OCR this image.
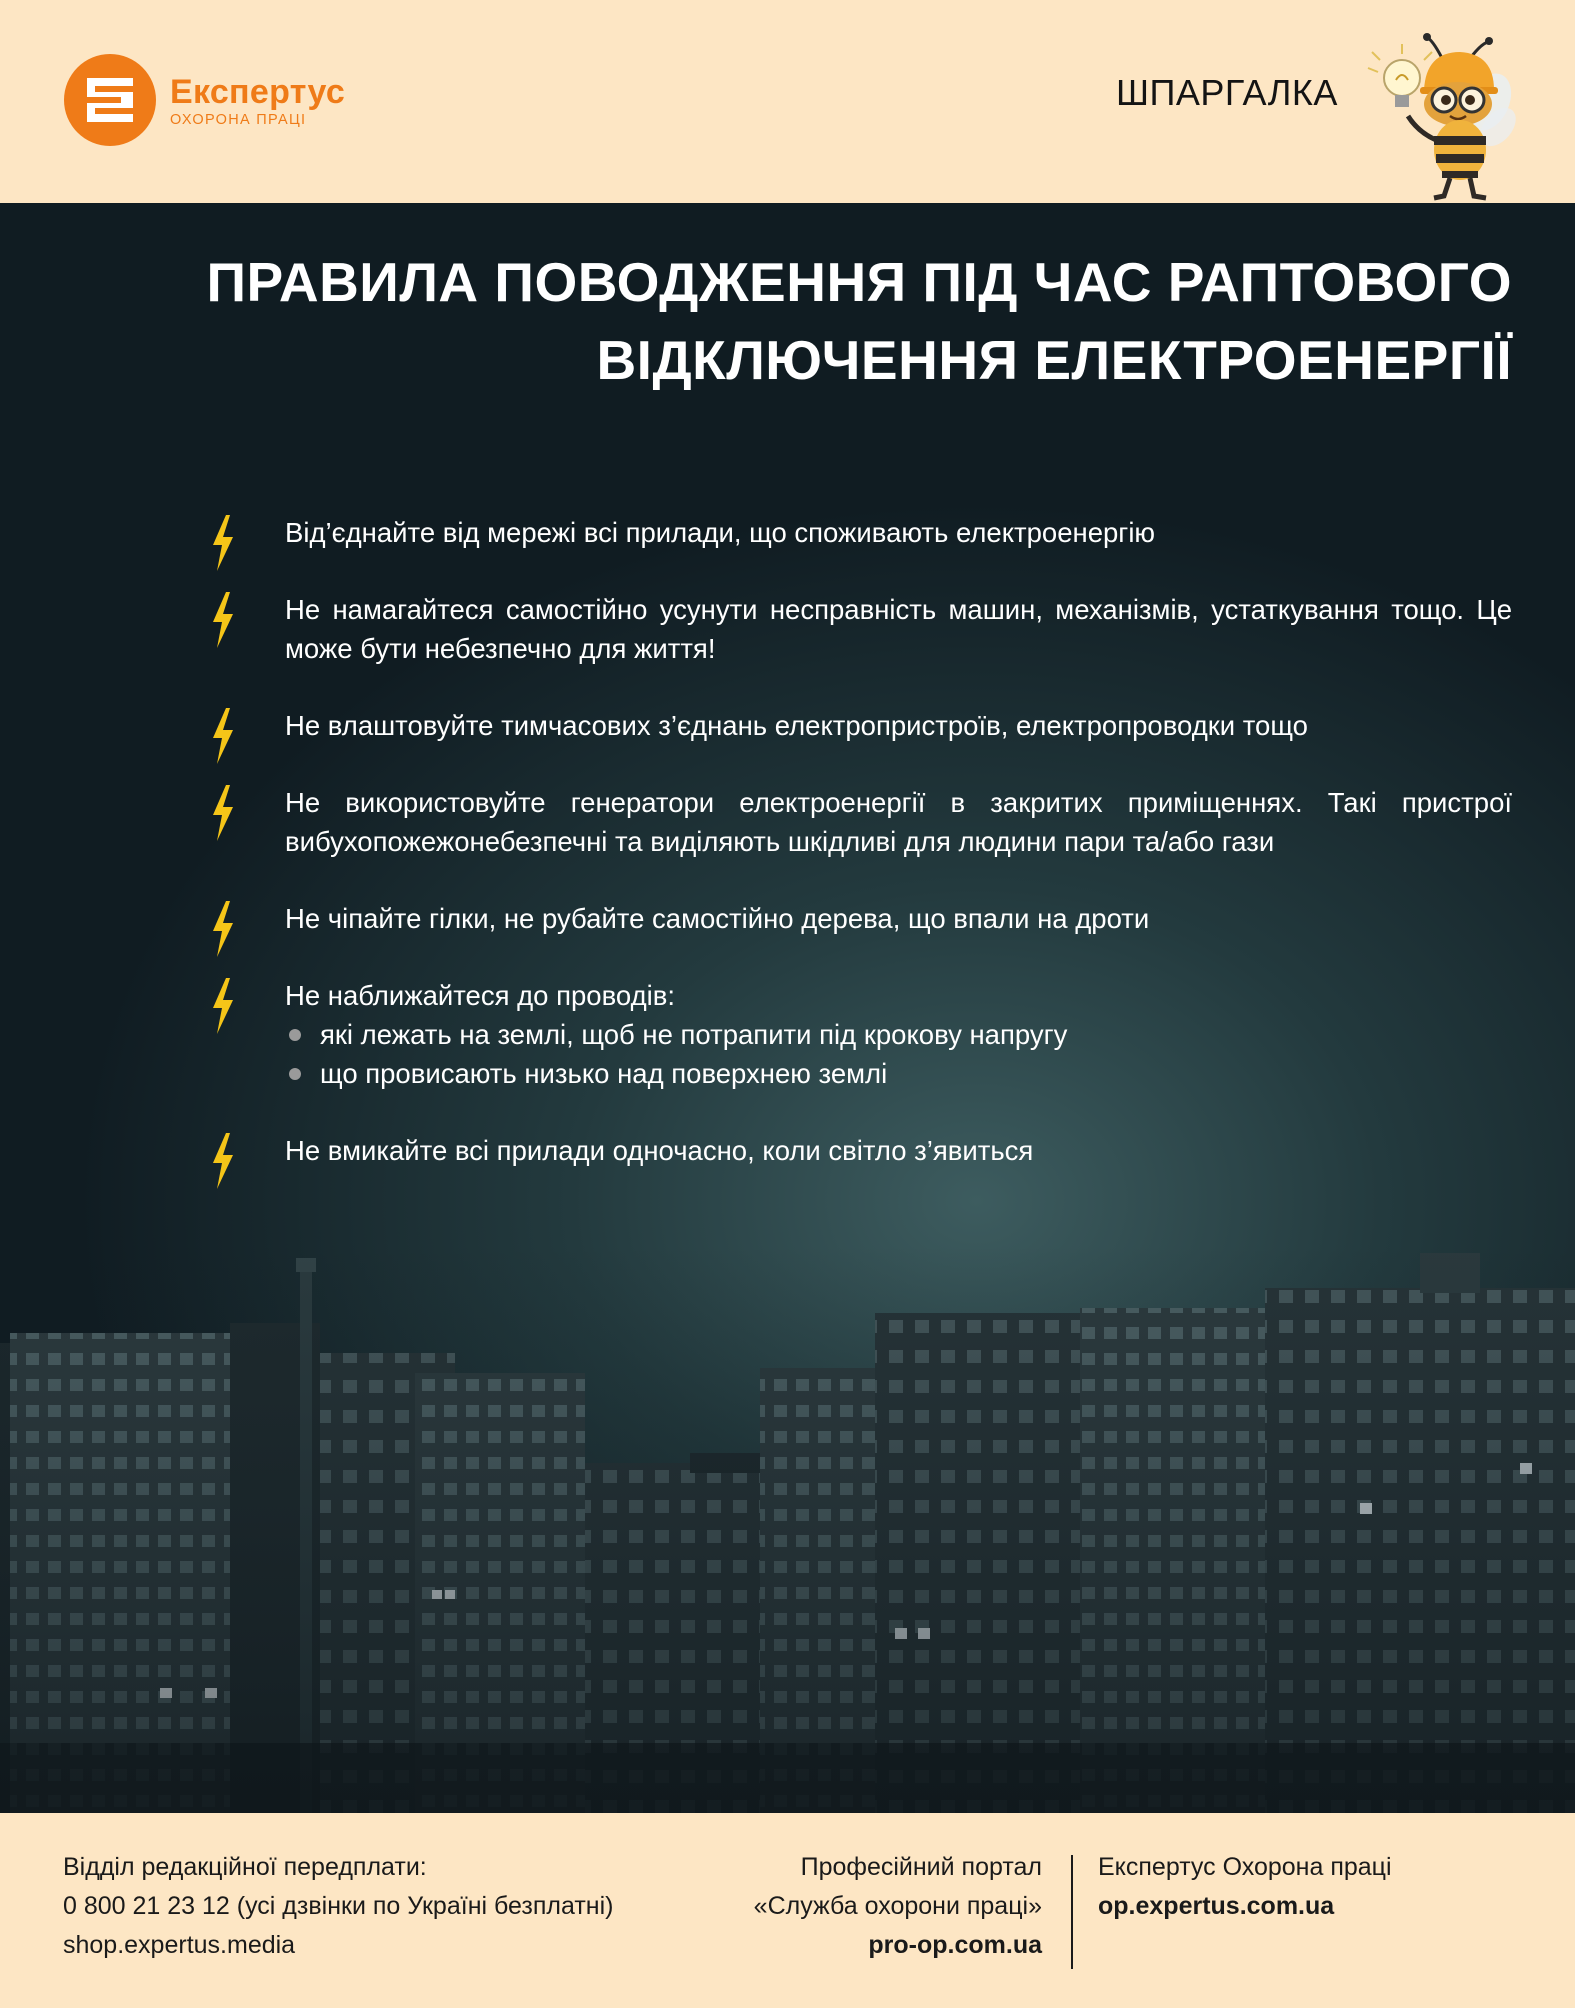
Експертус
ОХОРОНА ПРАЦІ
ШПАРГАЛКА
ПРАВИЛА ПОВОДЖЕННЯ ПІД ЧАС РАПТОВОГО
ВІДКЛЮЧЕННЯ ЕЛЕКТРОЕНЕРГІЇ
Від’єднайте від мережі всі прилади, що споживають електроенергію
Не намагайтеся самостійно усунути несправність машин, механізмів, устаткування тощо. Це може бути небезпечно для життя!
Не влаштовуйте тимчасових з’єднань електропристроїв, електропроводки тощо
Не використовуйте генератори електроенергії в закритих приміщеннях. Такі пристрої вибухопожежонебезпечні та виділяють шкідливі для людини пари та/або гази
Не чіпайте гілки, не рубайте самостійно дерева, що впали на дроти
Не наближайтеся до проводів:
які лежать на землі, щоб не потрапити під крокову напругу
що провисають низько над поверхнею землі
Не вмикайте всі прилади одночасно, коли світло з’явиться
Відділ редакційної передплати:
0 800 21 23 12 (усі дзвінки по Україні безплатні)
shop.expertus.media
Професійний портал
«Служба охорони праці»
pro-op.com.ua
Експертус Охорона праці
op.expertus.com.ua
